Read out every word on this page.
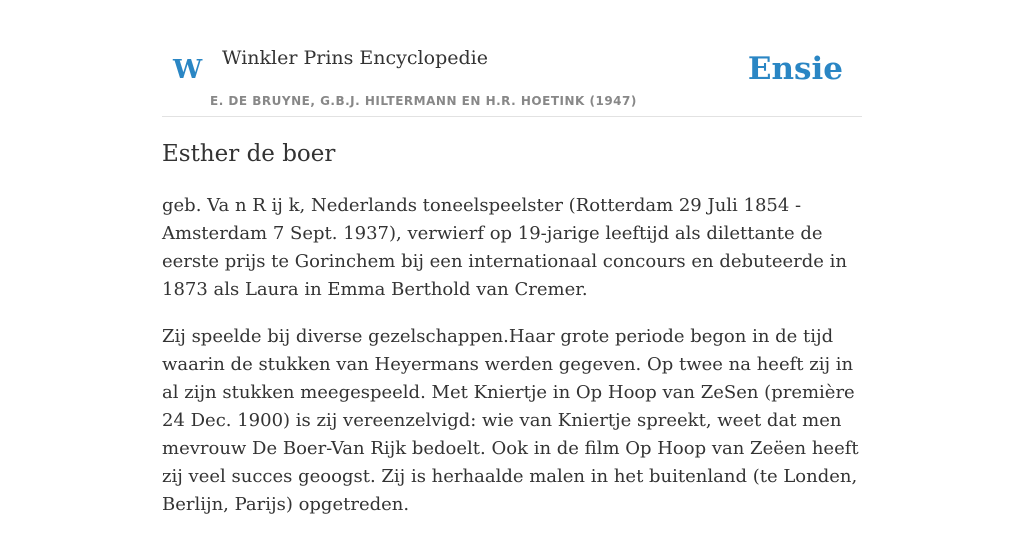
W Winkler Prins Encyclopedie
E. DE BRUYNE, G.B.J. HILTERMANN EN H.R. HOETINK (1947)
Ensie
Esther de boer

geb. Va n R ij k, Nederlands toneelspeelster (Rotterdam 29 Juli 1854 - Amsterdam 7 Sept. 1937), verwierf op 19-jarige leeftijd als dilettante de eerste prijs te Gorinchem bij een internationaal concours en debuteerde in 1873 als Laura in Emma Berthold van Cremer.

Zij speelde bij diverse gezelschappen.Haar grote periode begon in de tijd waarin de stukken van Heyermans werden gegeven. Op twee na heeft zij in al zijn stukken meegespeeld. Met Kniertje in Op Hoop van ZeSen (première 24 Dec. 1900) is zij vereenzelvigd: wie van Kniertje spreekt, weet dat men mevrouw De Boer-Van Rijk bedoelt. Ook in de film Op Hoop van Zeëen heeft zij veel succes geoogst. Zij is herhaalde malen in het buitenland (te Londen, Berlijn, Parijs) opgetreden.
